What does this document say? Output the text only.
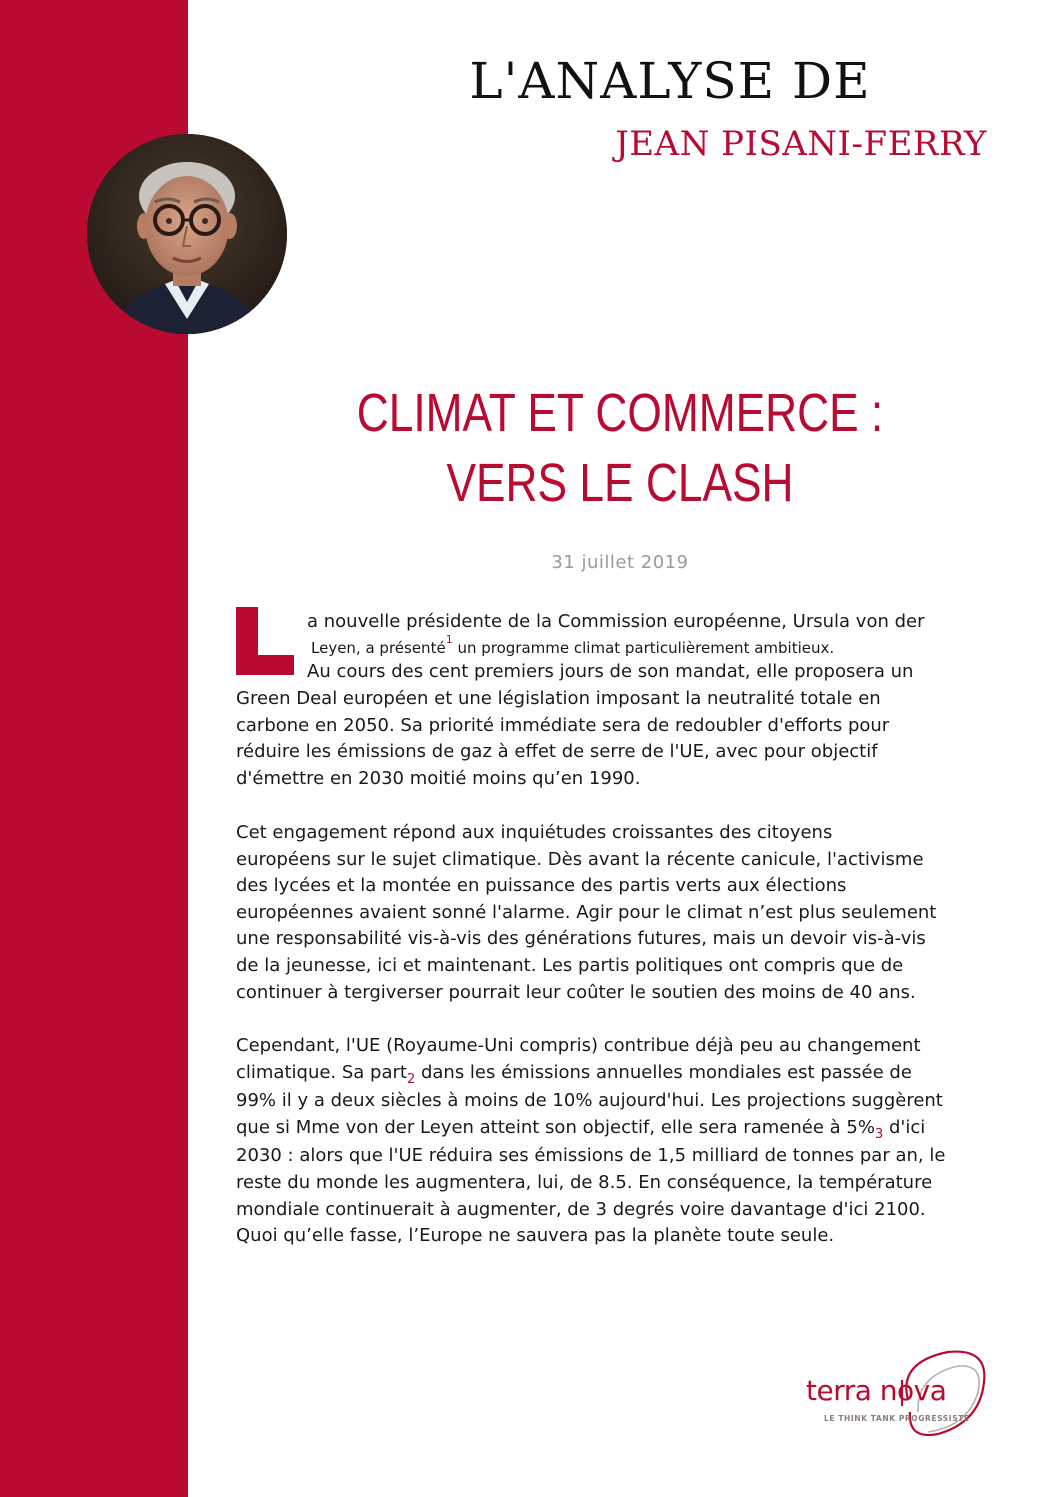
L'ANALYSE DE
JEAN PISANI-FERRY
CLIMAT ET COMMERCE :
VERS LE CLASH
31 juillet 2019
a nouvelle présidente de la Commission européenne, Ursula von der
Leyen, a présenté$^1$ un programme climat particulièrement ambitieux.
Au cours des cent premiers jours de son mandat, elle proposera un
Green Deal européen et une législation imposant la neutralité totale en
carbone en 2050. Sa priorité immédiate sera de redoubler d'efforts pour
réduire les émissions de gaz à effet de serre de l'UE, avec pour objectif
d'émettre en 2030 moitié moins qu’en 1990.
Cet engagement répond aux inquiétudes croissantes des citoyens
européens sur le sujet climatique. Dès avant la récente canicule, l'activisme
des lycées et la montée en puissance des partis verts aux élections
européennes avaient sonné l'alarme. Agir pour le climat n’est plus seulement
une responsabilité vis-à-vis des générations futures, mais un devoir vis-à-vis
de la jeunesse, ici et maintenant. Les partis politiques ont compris que de
continuer à tergiverser pourrait leur coûter le soutien des moins de 40 ans.
Cependant, l'UE (Royaume-Uni compris) contribue déjà peu au changement
climatique. Sa part$_2$ dans les émissions annuelles mondiales est passée de
99% il y a deux siècles à moins de 10% aujourd'hui. Les projections suggèrent
que si Mme von der Leyen atteint son objectif, elle sera ramenée à $5\%_3$ d'ici
2030 : alors que l'UE réduira ses émissions de 1,5 milliard de tonnes par an, le
reste du monde les augmentera, lui, de 8.5. En conséquence, la température
mondiale continuerait à augmenter, de 3 degrés voire davantage d'ici 2100.
Quoi qu’elle fasse, l’Europe ne sauvera pas la planète toute seule.
terra nova
LE THINK TANK PROGRESSISTE
